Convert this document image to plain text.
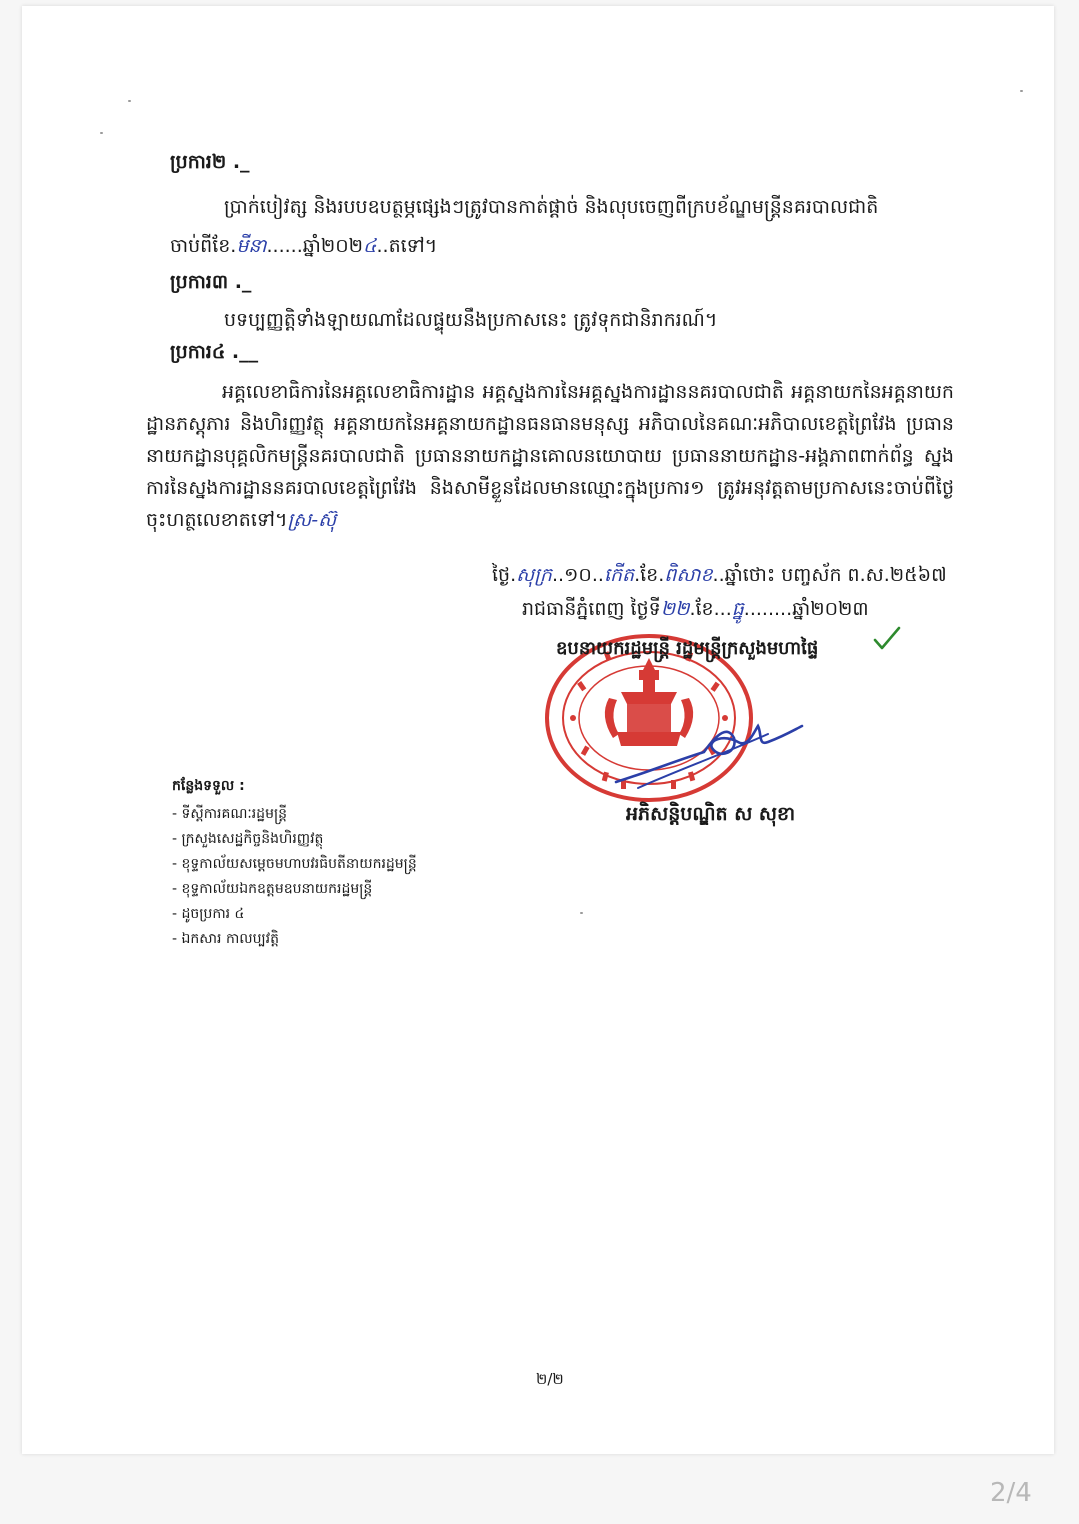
ប្រការ២ ._
ប្រាក់បៀវត្ស និងរបបឧបត្ថម្ភផ្សេងៗត្រូវបានកាត់ផ្តាច់ និងលុបចេញពីក្របខ័ណ្ឌមន្ត្រីនគរបាលជាតិ
ចាប់ពីខែ.មីនា......ឆ្នាំ២០២៤..តទៅ។
ប្រការ៣ ._
បទប្បញ្ញត្តិទាំងឡាយណាដែលផ្ទុយនឹងប្រកាសនេះ ត្រូវទុកជានិរាករណ៍។
ប្រការ៤ .__
អគ្គលេខាធិការនៃអគ្គលេខាធិការដ្ឋាន អគ្គស្នងការនៃអគ្គស្នងការដ្ឋាននគរបាលជាតិ អគ្គនាយកនៃអគ្គនាយកដ្ឋានភស្តុភារ និងហិរញ្ញវត្ថុ អគ្គនាយកនៃអគ្គនាយកដ្ឋានធនធានមនុស្ស អភិបាលនៃគណៈអភិបាលខេត្តព្រៃវែង ប្រធាននាយកដ្ឋានបុគ្គលិកមន្ត្រីនគរបាលជាតិ ប្រធាននាយកដ្ឋានគោលនយោបាយ ប្រធាននាយកដ្ឋាន-អង្គភាពពាក់ព័ន្ធ ស្នងការនៃស្នងការដ្ឋាននគរបាលខេត្តព្រៃវែង និងសាមីខ្លួនដែលមានឈ្មោះក្នុងប្រការ១ ត្រូវអនុវត្តតាមប្រកាសនេះចាប់ពីថ្ងៃចុះហត្ថលេខាតទៅ។ស្រ-ស៊ុ
ថ្ងៃ.សុក្រ..១០..កើត.ខែ.ពិសាខ..ឆ្នាំថោះ បញ្ចស័ក ព.ស.២៥៦៧
រាជធានីភ្នំពេញ ថ្ងៃទី២២.ខែ...ធ្នូ........ឆ្នាំ២០២៣
ឧបនាយករដ្ឋមន្ត្រី រដ្ឋមន្ត្រីក្រសួងមហាផ្ទៃ
អភិសន្តិបណ្ឌិត ស សុខា
កន្លែងទទួល :
- ទីស្តីការគណៈរដ្ឋមន្ត្រី
- ក្រសួងសេដ្ឋកិច្ចនិងហិរញ្ញវត្ថុ
- ខុទ្ទកាល័យសម្តេចមហាបវរធិបតីនាយករដ្ឋមន្ត្រី
- ខុទ្ទកាល័យឯកឧត្តមឧបនាយករដ្ឋមន្ត្រី
- ដូចប្រការ ៤
- ឯកសារ កាលប្បវត្តិ
២/២
2/4
